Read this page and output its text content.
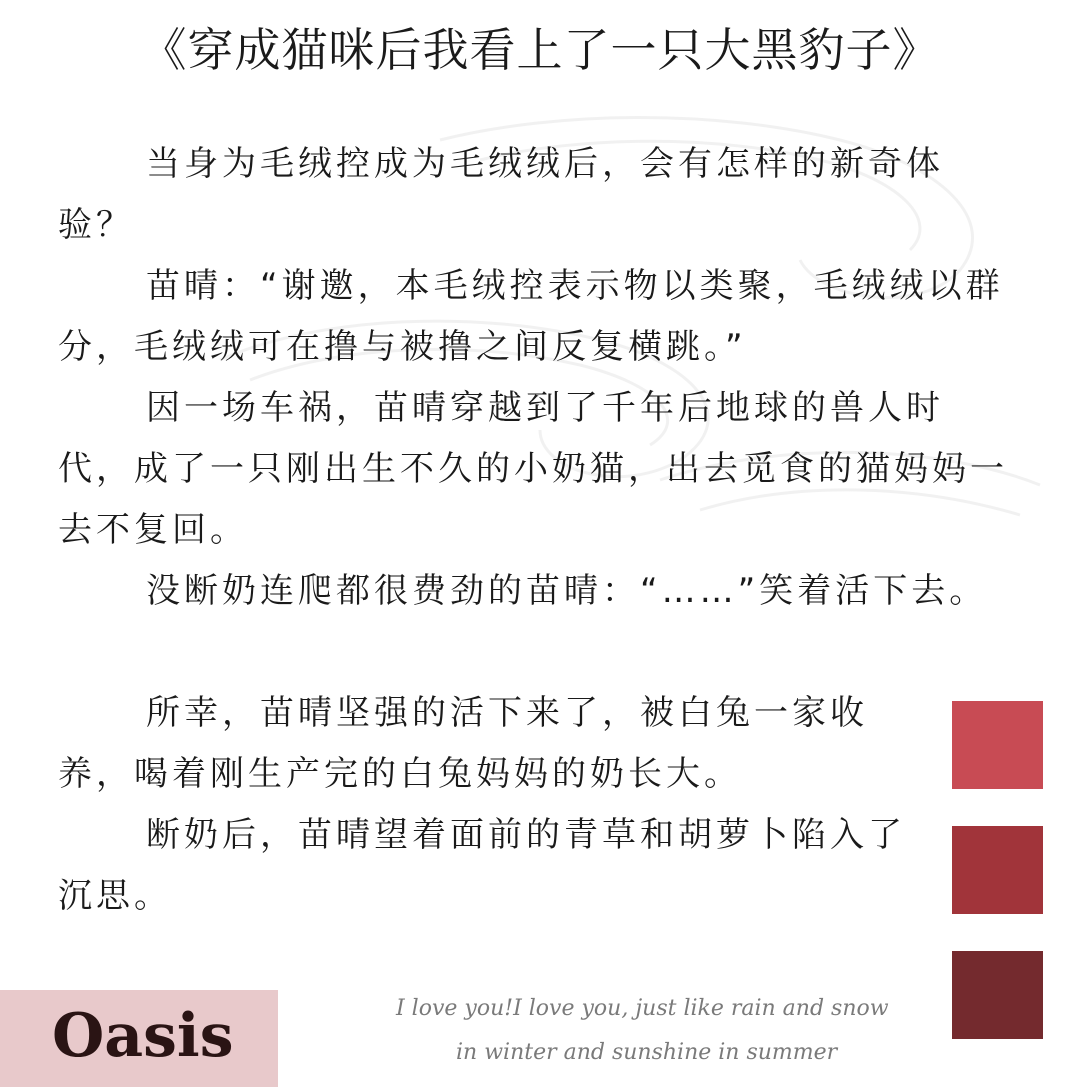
《穿成猫咪后我看上了一只大黑豹子》

当身为毛绒控成为毛绒绒后，会有怎样的新奇体验？

苗晴：“谢邀，本毛绒控表示物以类聚，毛绒绒以群分，毛绒绒可在撸与被撸之间反复横跳。”

因一场车祸，苗晴穿越到了千年后地球的兽人时代，成了一只刚出生不久的小奶猫，出去觅食的猫妈妈一去不复回。

没断奶连爬都很费劲的苗晴：“……”笑着活下去。

所幸，苗晴坚强的活下来了，被白兔一家收养，喝着刚生产完的白兔妈妈的奶长大。

断奶后，苗晴望着面前的青草和胡萝卜陷入了沉思。

Oasis	I love you!I love you, just like rain and snow
in winter and sunshine in summer
